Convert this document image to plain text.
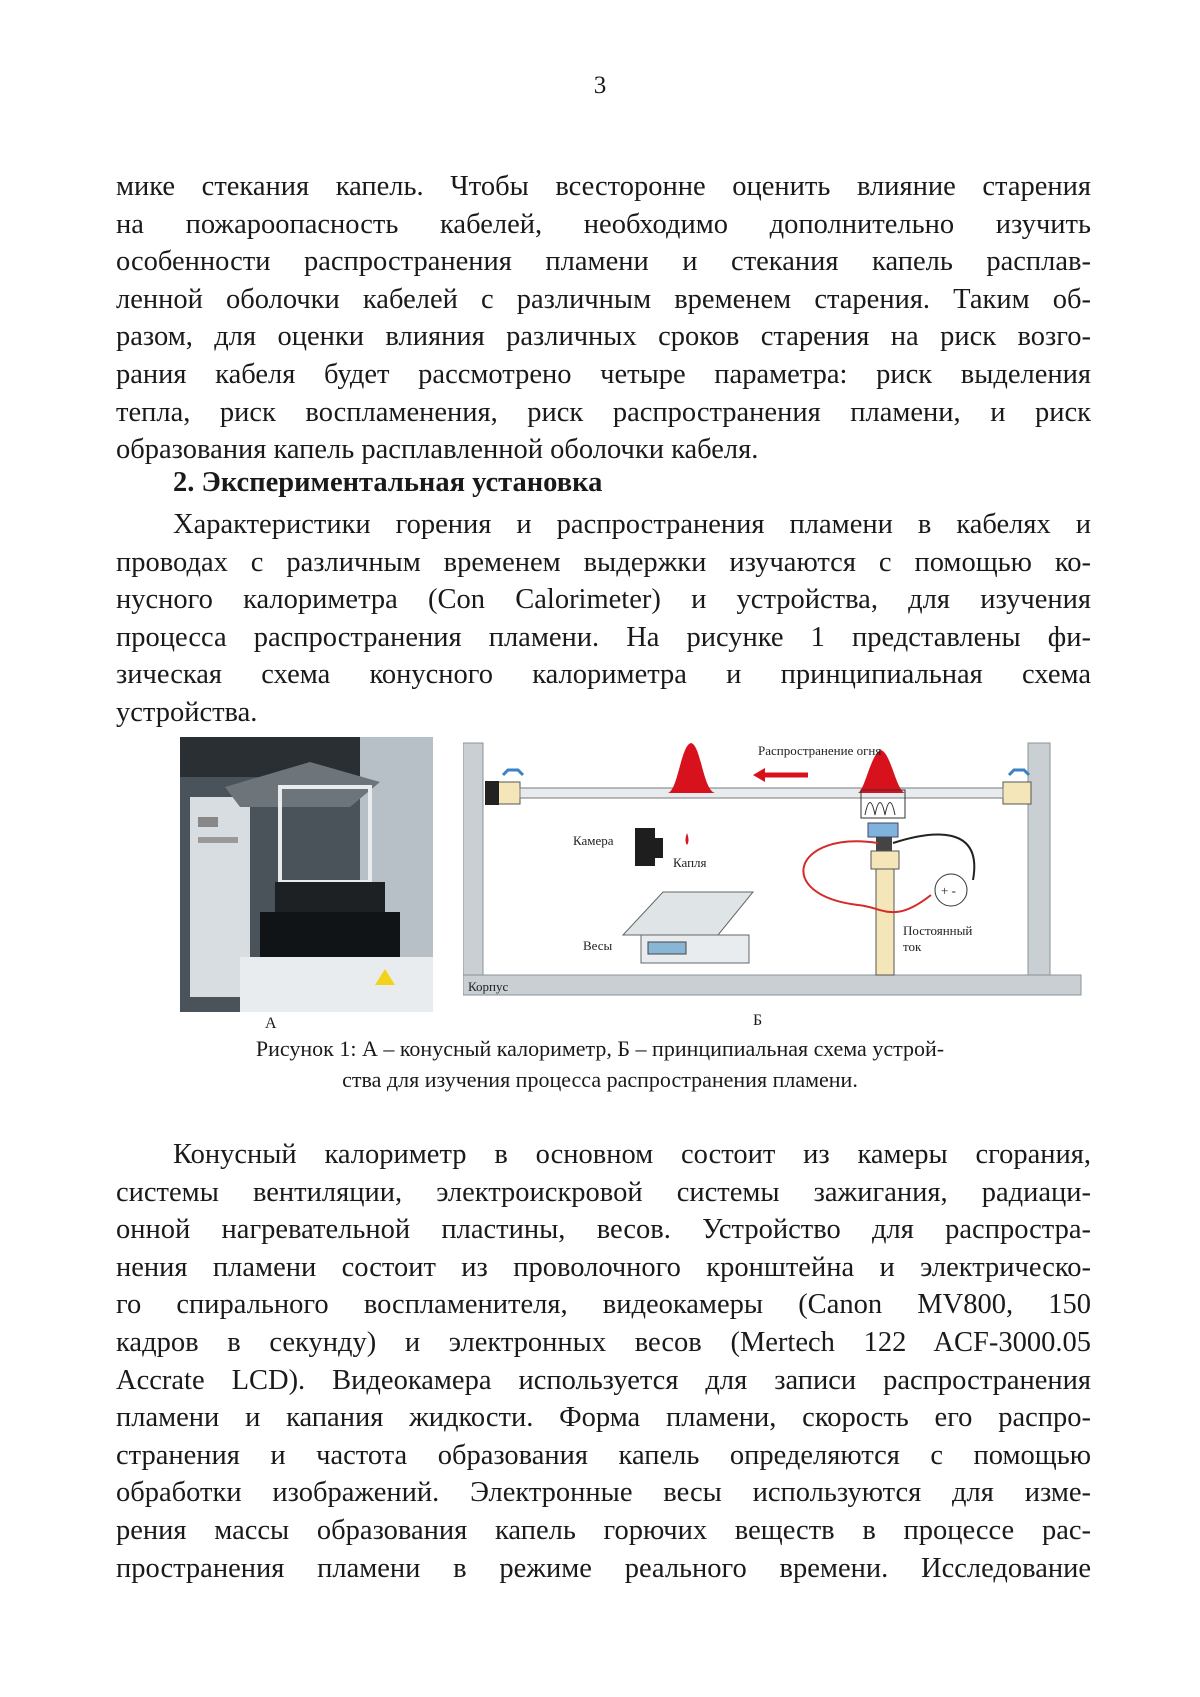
3
мике стекания капель. Чтобы всесторонне оценить влияние старения
на пожароопасность кабелей, необходимо дополнительно изучить
особенности распространения пламени и стекания капель расплав-
ленной оболочки кабелей с различным временем старения. Таким об-
разом, для оценки влияния различных сроков старения на риск возго-
рания кабеля будет рассмотрено четыре параметра: риск выделения
тепла, риск воспламенения, риск распространения пламени, и риск
образования капель расплавленной оболочки кабеля.
2. Экспериментальная установка
Характеристики горения и распространения пламени в кабелях и
проводах с различным временем выдержки изучаются с помощью ко-
нусного калориметра (Con Calorimeter) и устройства, для изучения
процесса распространения пламени. На рисунке 1 представлены фи-
зическая схема конусного калориметра и принципиальная схема
устройства.
А
Распространение огня
+ -
Постоянный
ток
Камера
Капля
Весы
Корпус
Б
Рисунок 1: А – конусный калориметр, Б – принципиальная схема устрой-
ства для изучения процесса распространения пламени.
Конусный калориметр в основном состоит из камеры сгорания,
системы вентиляции, электроискровой системы зажигания, радиаци-
онной нагревательной пластины, весов. Устройство для распростра-
нения пламени состоит из проволочного кронштейна и электрическо-
го спирального воспламенителя, видеокамеры (Canon MV800, 150
кадров в секунду) и электронных весов (Mertech 122 ACF-3000.05
Accrate LCD). Видеокамера используется для записи распространения
пламени и капания жидкости. Форма пламени, скорость его распро-
странения и частота образования капель определяются с помощью
обработки изображений. Электронные весы используются для изме-
рения массы образования капель горючих веществ в процессе рас-
пространения пламени в режиме реального времени. Исследование
